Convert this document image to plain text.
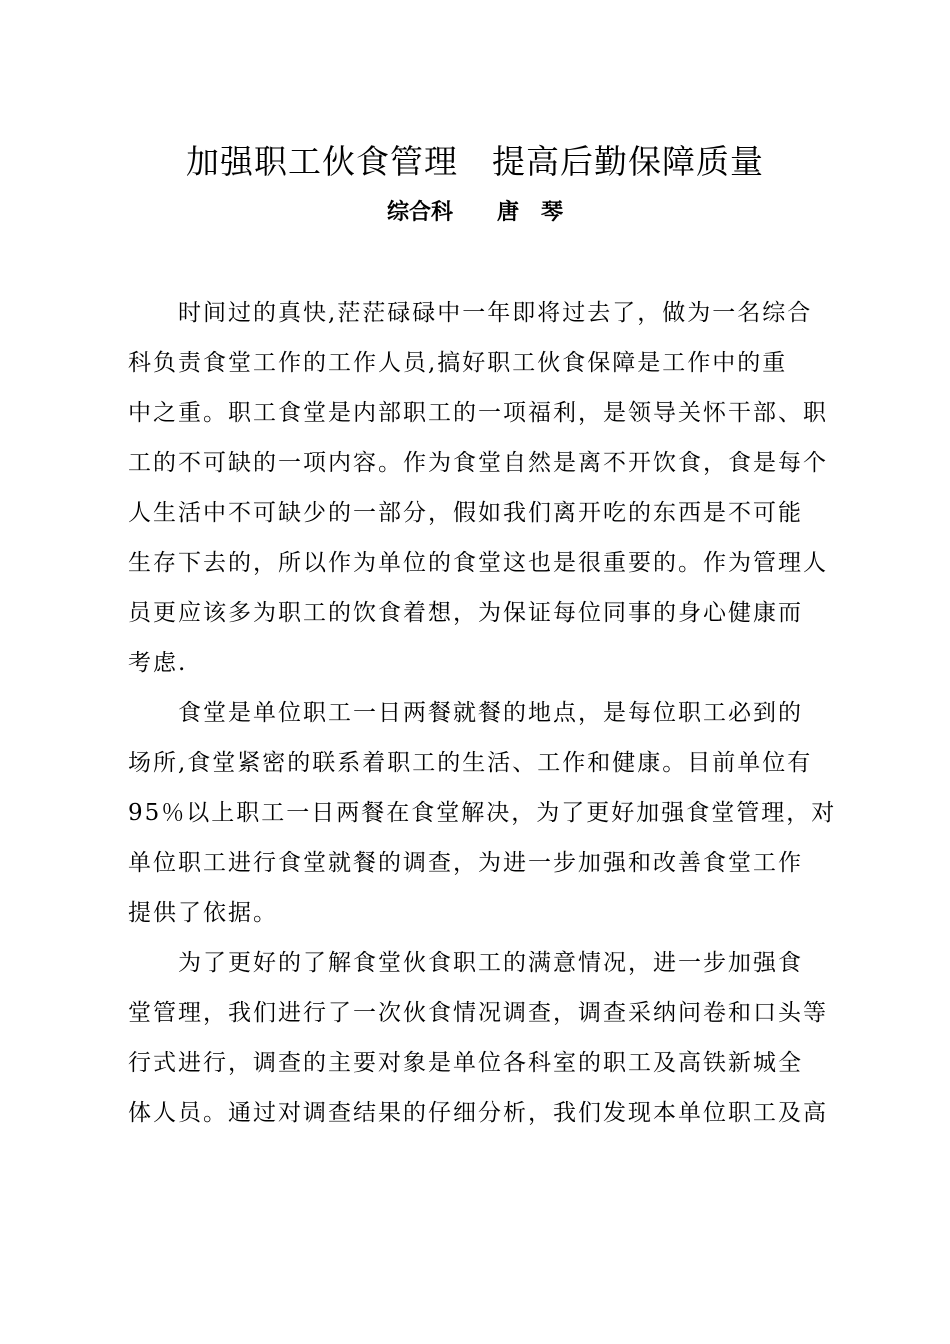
加强职工伙食管理　提高后勤保障质量
综合科　　唐　琴
时间过的真快,茫茫碌碌中一年即将过去了，做为一名综合
科负责食堂工作的工作人员,搞好职工伙食保障是工作中的重
中之重。职工食堂是内部职工的一项福利，是领导关怀干部、职
工的不可缺的一项内容。作为食堂自然是离不开饮食，食是每个
人生活中不可缺少的一部分，假如我们离开吃的东西是不可能
生存下去的，所以作为单位的食堂这也是很重要的。作为管理人
员更应该多为职工的饮食着想，为保证每位同事的身心健康而
考虑.
食堂是单位职工一日两餐就餐的地点，是每位职工必到的
场所,食堂紧密的联系着职工的生活、工作和健康。目前单位有
95％以上职工一日两餐在食堂解决，为了更好加强食堂管理，对
单位职工进行食堂就餐的调查，为进一步加强和改善食堂工作
提供了依据。
为了更好的了解食堂伙食职工的满意情况，进一步加强食
堂管理，我们进行了一次伙食情况调查，调查采纳问卷和口头等
行式进行，调查的主要对象是单位各科室的职工及高铁新城全
体人员。通过对调查结果的仔细分析，我们发现本单位职工及高
